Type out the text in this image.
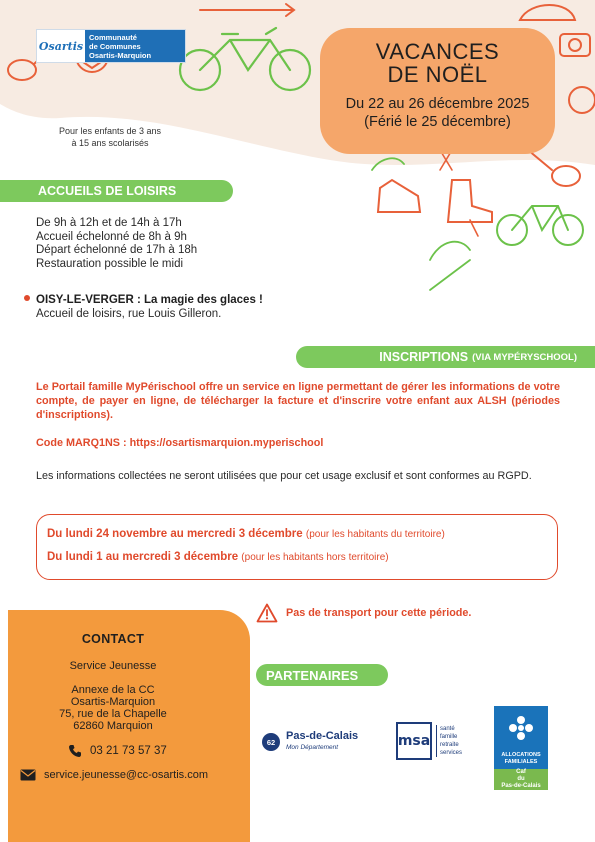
Osartis
Communauté
de Communes
Osartis-Marquion	VACANCES
DE NOËL
Du 22 au 26 décembre 2025
(Férié le 25 décembre)
Pour les enfants de 3 ans
à 15 ans scolarisés
ACCUEILS DE LOISIRS
De 9h à 12h et de 14h à 17h
Accueil échelonné de 8h à 9h
Départ échelonné de 17h à 18h
Restauration possible le midi
OISY-LE-VERGER : La magie des glaces !
Accueil de loisirs, rue Louis Gilleron.
INSCRIPTIONS (VIA MYPÉRYSCHOOL)
Le Portail famille MyPérischool offre un service en ligne permettant de gérer les informations de votre compte, de payer en ligne, de télécharger la facture et d'inscrire votre enfant aux ALSH (périodes d'inscriptions).
Code MARQ1NS : https://osartismarquion.myperischool
Les informations collectées ne seront utilisées que pour cet usage exclusif et sont conformes au RGPD.
Du lundi 24 novembre au mercredi 3 décembre (pour les habitants du territoire)
Du lundi 1 au mercredi 3 décembre (pour les habitants hors territoire)
Pas de transport pour cette période.
CONTACT
Service Jeunesse
Annexe de la CC
Osartis-Marquion
75, rue de la Chapelle
62860 Marquion
03 21 73 57 37
service.jeunesse@cc-osartis.com
PARTENAIRES
62 Pas-de-Calais
Mon Département	msa
santé
famille
retraite
services	ALLOCATIONS FAMILIALES
Caf
du
Pas-de-Calais
